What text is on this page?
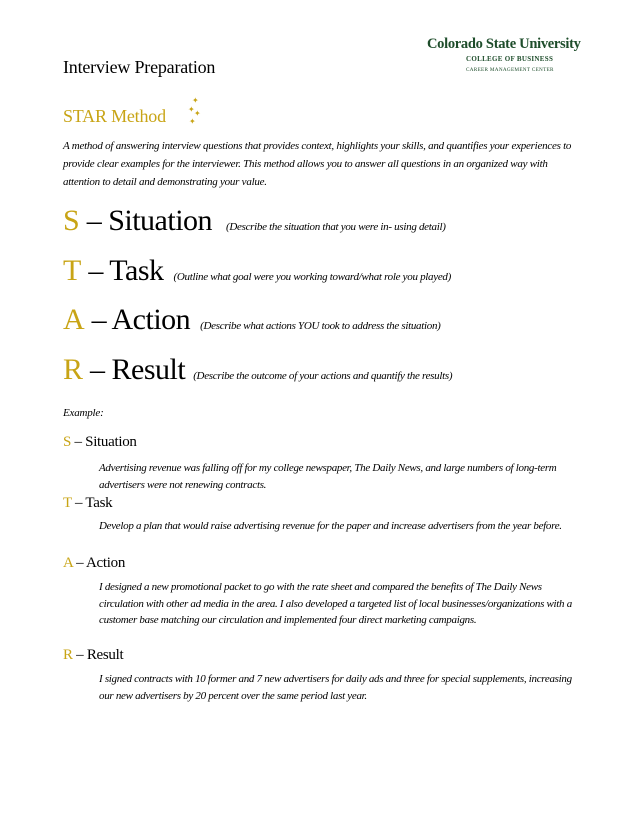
Colorado State University
COLLEGE OF BUSINESS
CAREER MANAGEMENT CENTER
Interview Preparation
STAR Method
✦
✦ ✦
✦
A method of answering interview questions that provides context, highlights your skills, and quantifies your experiences to provide clear examples for the interviewer. This method allows you to answer all questions in an organized way with attention to detail and demonstrating your value.
S – Situation (Describe the situation that you were in- using detail)
T – Task (Outline what goal were you working toward/what role you played)
A – Action (Describe what actions YOU took to address the situation)
R – Result (Describe the outcome of your actions and quantify the results)
Example:
S – Situation
Advertising revenue was falling off for my college newspaper, The Daily News, and large numbers of long-term advertisers were not renewing contracts.
T – Task
Develop a plan that would raise advertising revenue for the paper and increase advertisers from the year before.
A – Action
I designed a new promotional packet to go with the rate sheet and compared the benefits of The Daily News circulation with other ad media in the area. I also developed a targeted list of local businesses/organizations with a customer base matching our circulation and implemented four direct marketing campaigns.
R – Result
I signed contracts with 10 former and 7 new advertisers for daily ads and three for special supplements, increasing our new advertisers by 20 percent over the same period last year.
